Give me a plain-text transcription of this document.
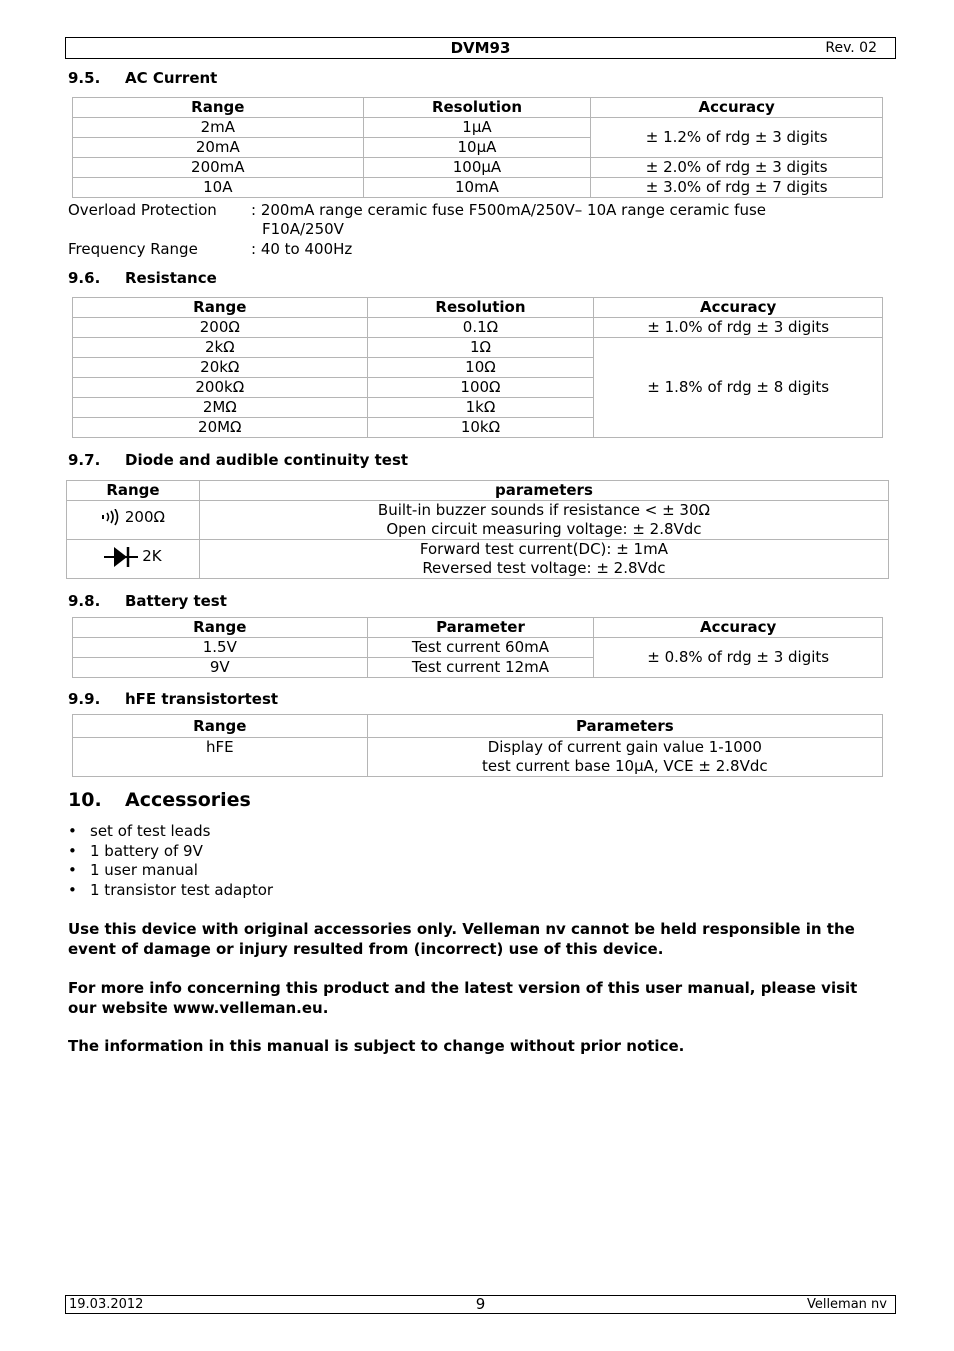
DVM93	Rev. 02
9.5. AC Current
Range	Resolution	Accuracy
2mA	1µA	± 1.2% of rdg ± 3 digits
20mA	10µA	
200mA	100µA	± 2.0% of rdg ± 3 digits
10A	10mA	± 3.0% of rdg ± 7 digits
Overload Protection : 200mA range ceramic fuse F500mA/250V– 10A range ceramic fuse
F10A/250V
Frequency Range	: 40 to 400Hz
9.6. Resistance
Range	Resolution	Accuracy
200Ω	0.1Ω	± 1.0% of rdg ± 3 digits
2kΩ	1Ω	± 1.8% of rdg ± 8 digits
20kΩ	10Ω	
200kΩ	100Ω	
2MΩ	1kΩ	
20MΩ	10kΩ	
9.7. Diode and audible continuity test
Range	parameters

200Ω	Built-in buzzer sounds if resistance < ± 30Ω
Open circuit measuring voltage: ± 2.8Vdc

2K	Forward test current(DC): ± 1mA
Reversed test voltage: ± 2.8Vdc
9.8. Battery test
Range	Parameter	Accuracy
1.5V	Test current 60mA	± 0.8% of rdg ± 3 digits
9V	Test current 12mA	
9.9. hFE transistortest
Range	Parameters
hFE	Display of current gain value 1-1000
test current base 10µA, VCE ± 2.8Vdc
10. Accessories
• set of test leads
• 1 battery of 9V
• 1 user manual
• 1 transistor test adaptor
Use this device with original accessories only. Velleman nv cannot be held responsible in the event of damage or injury resulted from (incorrect) use of this device.
For more info concerning this product and the latest version of this user manual, please visit our website www.velleman.eu.
The information in this manual is subject to change without prior notice.
19.03.2012	9	Velleman nv
